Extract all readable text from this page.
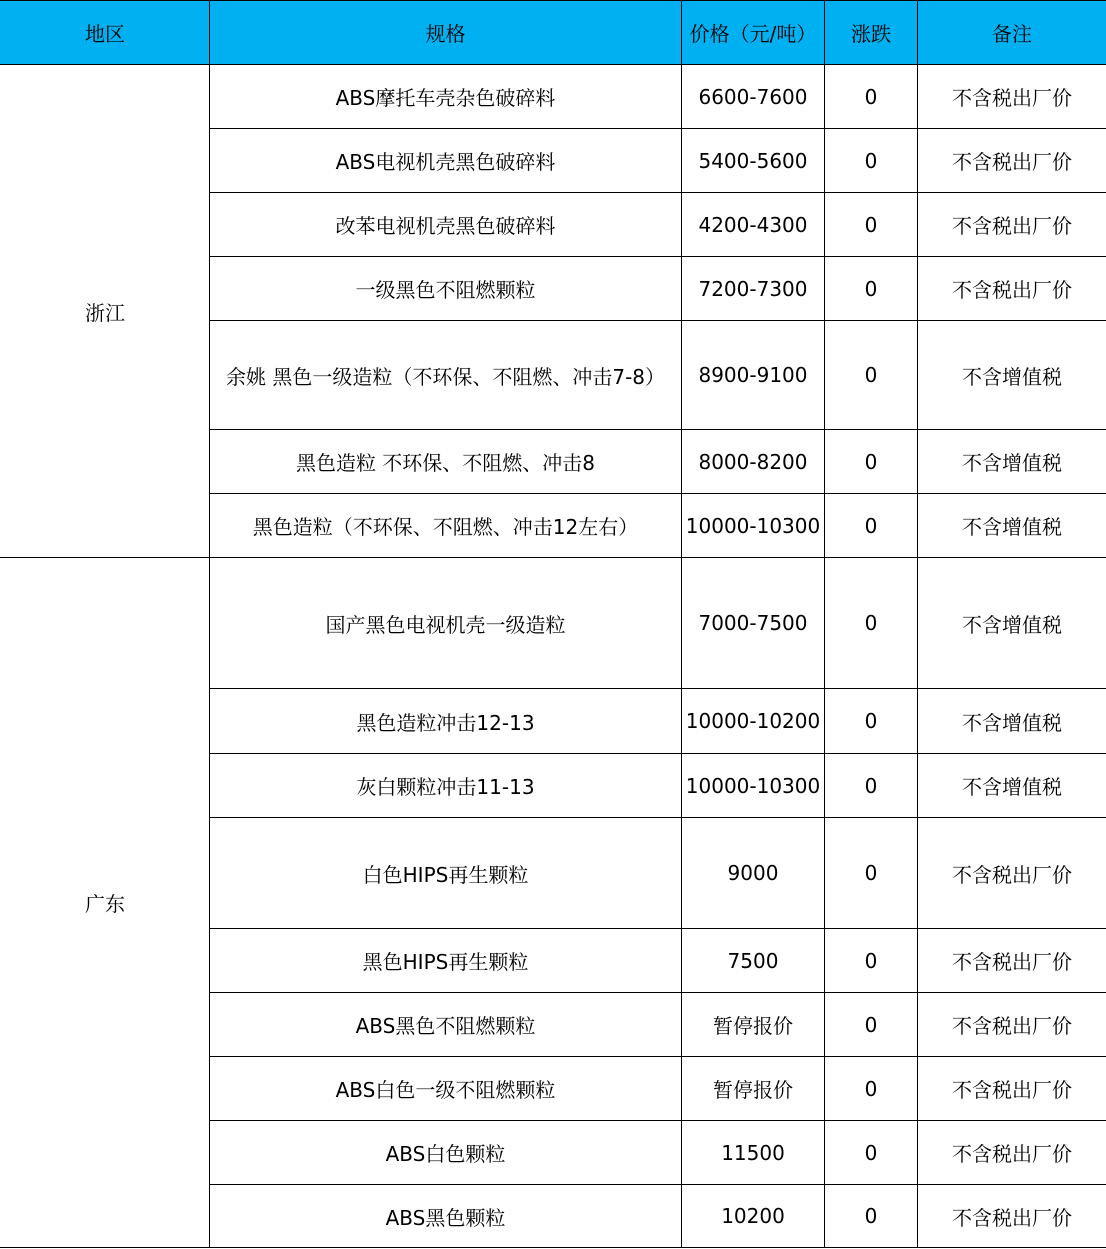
地区	规格	价格（元/吨）	涨跌	备注
浙江	ABS摩托车壳杂色破碎料	6600-7600	0	不含税出厂价
	ABS电视机壳黑色破碎料	5400-5600	0	不含税出厂价
	改苯电视机壳黑色破碎料	4200-4300	0	不含税出厂价
	一级黑色不阻燃颗粒	7200-7300	0	不含税出厂价
	余姚 黑色一级造粒（不环保、不阻燃、冲击7-8）	8900-9100	0	不含增值税
	黑色造粒 不环保、不阻燃、冲击8	8000-8200	0	不含增值税
	黑色造粒（不环保、不阻燃、冲击12左右）	10000-10300	0	不含增值税
广东	国产黑色电视机壳一级造粒	7000-7500	0	不含增值税
	黑色造粒冲击12-13	10000-10200	0	不含增值税
	灰白颗粒冲击11-13	10000-10300	0	不含增值税
	白色HIPS再生颗粒	9000	0	不含税出厂价
	黑色HIPS再生颗粒	7500	0	不含税出厂价
	ABS黑色不阻燃颗粒	暂停报价	0	不含税出厂价
	ABS白色一级不阻燃颗粒	暂停报价	0	不含税出厂价
	ABS白色颗粒	11500	0	不含税出厂价
	ABS黑色颗粒	10200	0	不含税出厂价
